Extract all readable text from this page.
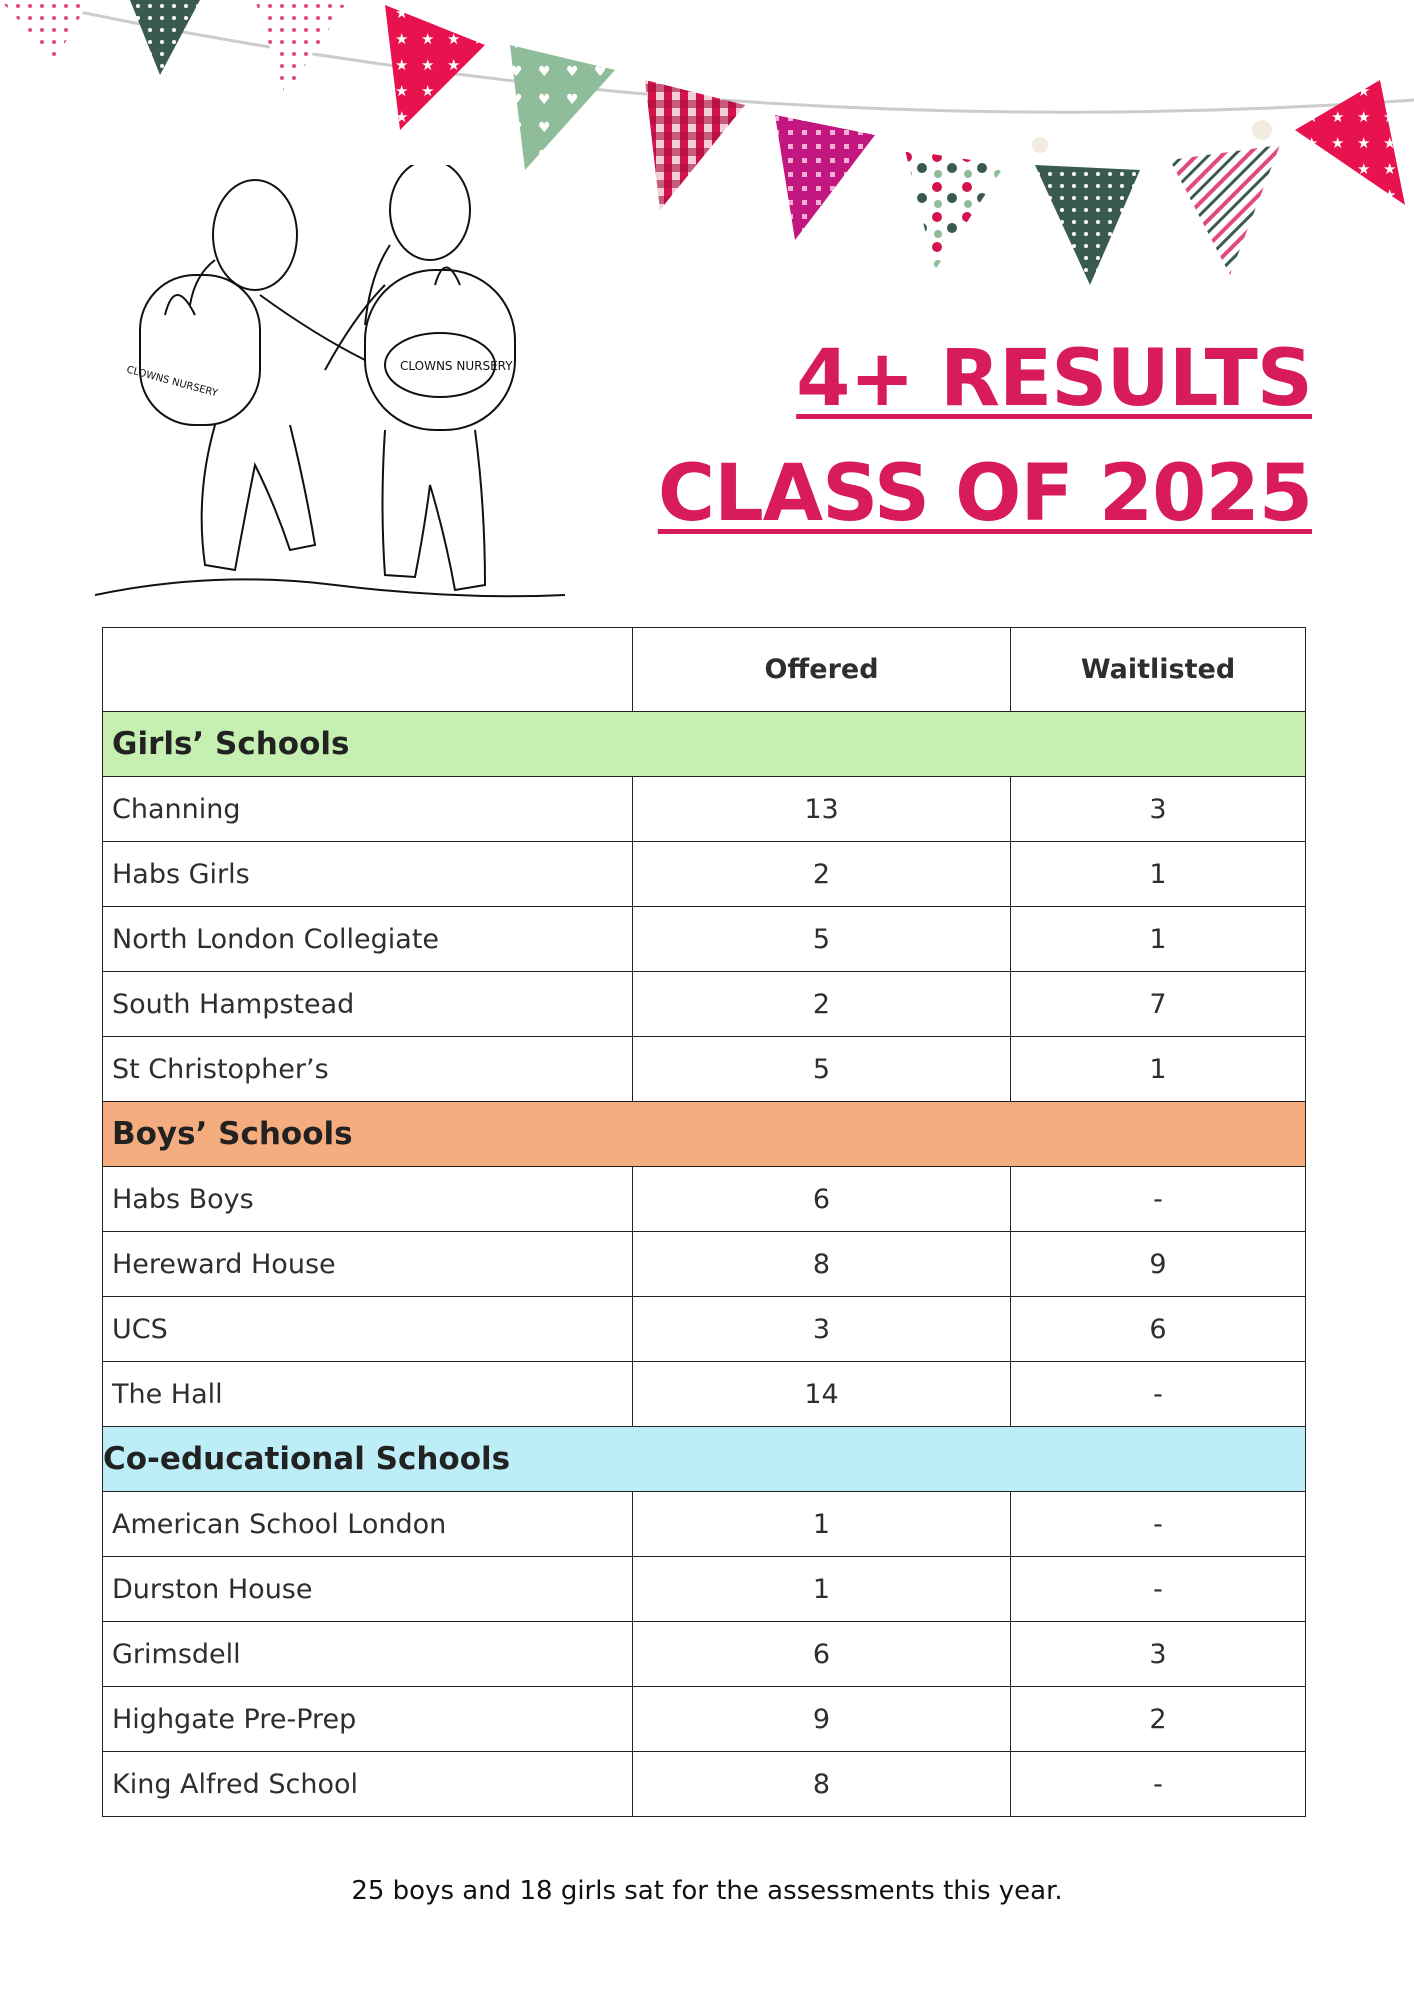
CLOWNS NURSERY	CLOWNS NURSERY	4+ RESULTS
CLASS OF 2025
	Offered	Waitlisted
Girls’ Schools		
Channing	13	3
Habs Girls	2	1
North London Collegiate	5	1
South Hampstead	2	7
St Christopher’s	5	1
Boys’ Schools		
Habs Boys	6	-
Hereward House	8	9
UCS	3	6
The Hall	14	-
Co-educational Schools		
American School London	1	-
Durston House	1	-
Grimsdell	6	3
Highgate Pre-Prep	9	2
King Alfred School	8	-
25 boys and 18 girls sat for the assessments this year.
